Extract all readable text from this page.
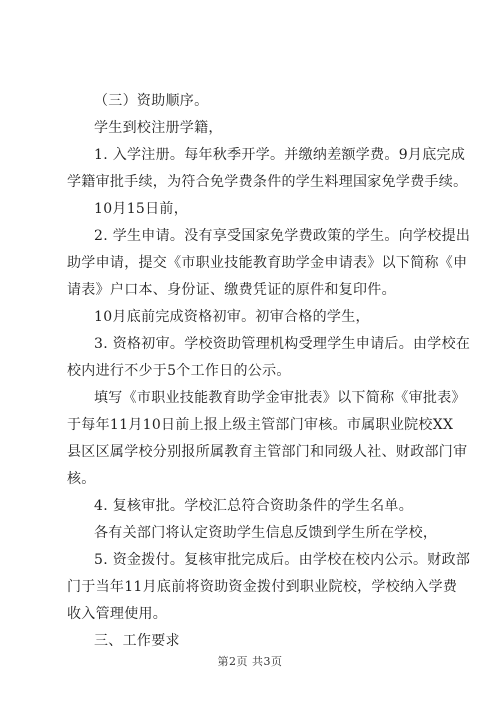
（三）资助顺序。
学生到校注册学籍，
1. 入学注册。每年秋季开学。并缴纳差额学费。9月底完成
学籍审批手续，为符合免学费条件的学生料理国家免学费手续。
10月15日前，
2. 学生申请。没有享受国家免学费政策的学生。向学校提出
助学申请，提交《市职业技能教育助学金申请表》以下简称《申
请表》户口本、身份证、缴费凭证的原件和复印件。
10月底前完成资格初审。初审合格的学生，
3. 资格初审。学校资助管理机构受理学生申请后。由学校在
校内进行不少于5个工作日的公示。
填写《市职业技能教育助学金审批表》以下简称《审批表》
于每年11月10日前上报上级主管部门审核。市属职业院校XX
县区区属学校分别报所属教育主管部门和同级人社、财政部门审
核。
4. 复核审批。学校汇总符合资助条件的学生名单。
各有关部门将认定资助学生信息反馈到学生所在学校，
5. 资金拨付。复核审批完成后。由学校在校内公示。财政部
门于当年11月底前将资助资金拨付到职业院校，学校纳入学费
收入管理使用。
三、工作要求
第2页 共3页
